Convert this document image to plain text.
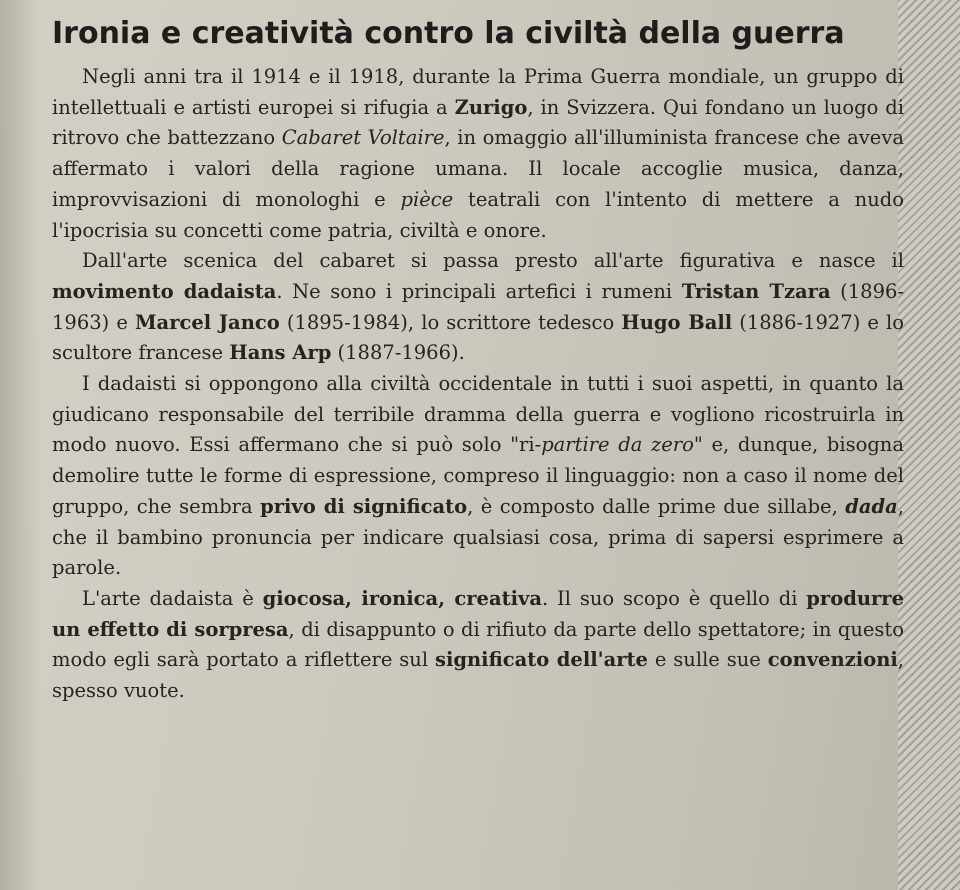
Ironia e creatività contro la civiltà della guerra

Negli anni tra il 1914 e il 1918, durante la Prima Guerra mondiale, un gruppo di intellettuali e artisti europei si rifugia a Zurigo, in Svizzera. Qui fondano un luogo di ritrovo che battezzano Cabaret Voltaire, in omaggio all'illuminista francese che aveva affermato i valori della ragione umana. Il locale accoglie musica, danza, improvvisazioni di monologhi e pièce teatrali con l'intento di mettere a nudo l'ipocrisia su concetti come patria, civiltà e onore.

Dall'arte scenica del cabaret si passa presto all'arte figurativa e nasce il movimento dadaista. Ne sono i principali artefici i rumeni Tristan Tzara (1896-1963) e Marcel Janco (1895-1984), lo scrittore tedesco Hugo Ball (1886-1927) e lo scultore francese Hans Arp (1887-1966).

I dadaisti si oppongono alla civiltà occidentale in tutti i suoi aspetti, in quanto la giudicano responsabile del terribile dramma della guerra e vogliono ricostruirla in modo nuovo. Essi affermano che si può solo "ri-partire da zero" e, dunque, bisogna demolire tutte le forme di espressione, compreso il linguaggio: non a caso il nome del gruppo, che sembra privo di significato, è composto dalle prime due sillabe, dada, che il bambino pronuncia per indicare qualsiasi cosa, prima di sapersi esprimere a parole.

L'arte dadaista è giocosa, ironica, creativa. Il suo scopo è quello di produrre un effetto di sorpresa, di disappunto o di rifiuto da parte dello spettatore; in questo modo egli sarà portato a riflettere sul significato dell'arte e sulle sue convenzioni, spesso vuote.
